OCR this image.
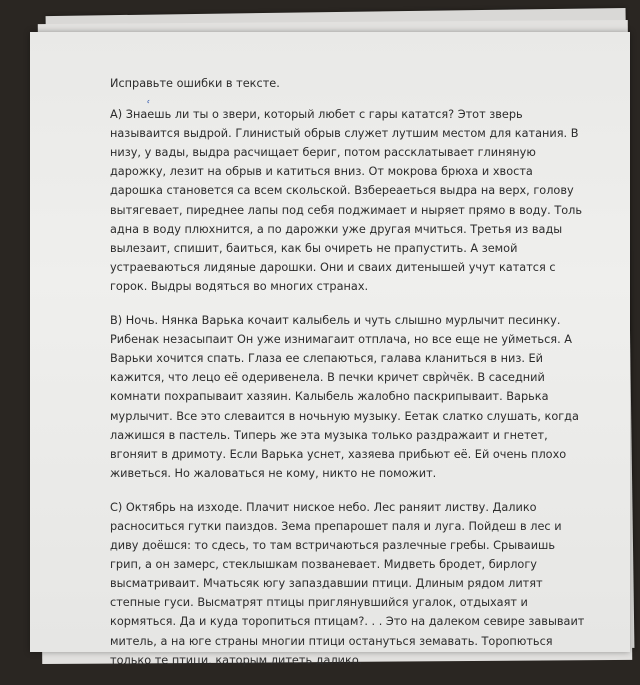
Исправьте ошибки в тексте.
А) Знаешь ли ты о звери, который любет с гары кататся? Этот зверь
называится выдрой. Глинистый обрыв служет лутшим местом для катания. В
низу, у вады, выдра расчищает бериг, потом рассклатывает глиняную
дарожку, лезит на обрыв и катиться вниз. От мокрова брюха и хвоста
дарошка становется са всем скольской. Взбереаеться выдра на верх, голову
вытягевает, пиреднее лапы под себя поджимает и ныряет прямо в воду. Толь
адна в воду плюхнится, а по дарожки уже другая мчиться. Третья из вады
вылезаит, спишит, баиться, как бы очиреть не прапустить. А земой
устраеваються лидяные дарошки. Они и сваих дитенышей учут кататся с
горок. Выдры водяться во многих странах.
В) Ночь. Нянка Варька кочаит калыбель и чуть слышно мурлычит песинку.
Рибенак незасыпаит Он уже изнимагаит отплача, но все еще не уйметься. А
Варьки хочится спать. Глаза ее слепаються, галава кланиться в низ. Ей
кажится, что лецо её одеривенела. В печки кричет сврѝчёк. В саседний
комнати похрапываит хазяин. Калыбель жалобно паскрипываит. Варька
мурлычит. Все это слеваится в ночьную музыку. Еетак слатко слушать, когда
лажишся в пастель. Типерь же эта музыка только раздражаит и гнетет,
вгоняит в дримоту. Если Варька уснет, хазяева прибьют её. Ей очень плохо
живеться. Но жаловаться не кому, никто не поможит.
С) Октябрь на изходе. Плачит ниское небо. Лес раняит листву. Далико
расноситься гутки паиздов. Зема препарошет паля и луга. Пойдеш в лес и
диву доёшся: то сдесь, то там встричаються разлечные гребы. Срываишь
грип, а он замерс, стеклышкам позваневает. Мидветь бродет, бирлогу
высматриваит. Мчатьсяк югу запаздавшии птици. Длиным рядом литят
степные гуси. Высматрят птицы приглянувшийся угалок, отдыхаят и
кормяться. Да и куда торопиться птицам?. . . Это на далеком севире завываит
митель, а на юге страны многии птици остануться земавать. Торопються
только те птици, каторым литеть далико.
ʿ
